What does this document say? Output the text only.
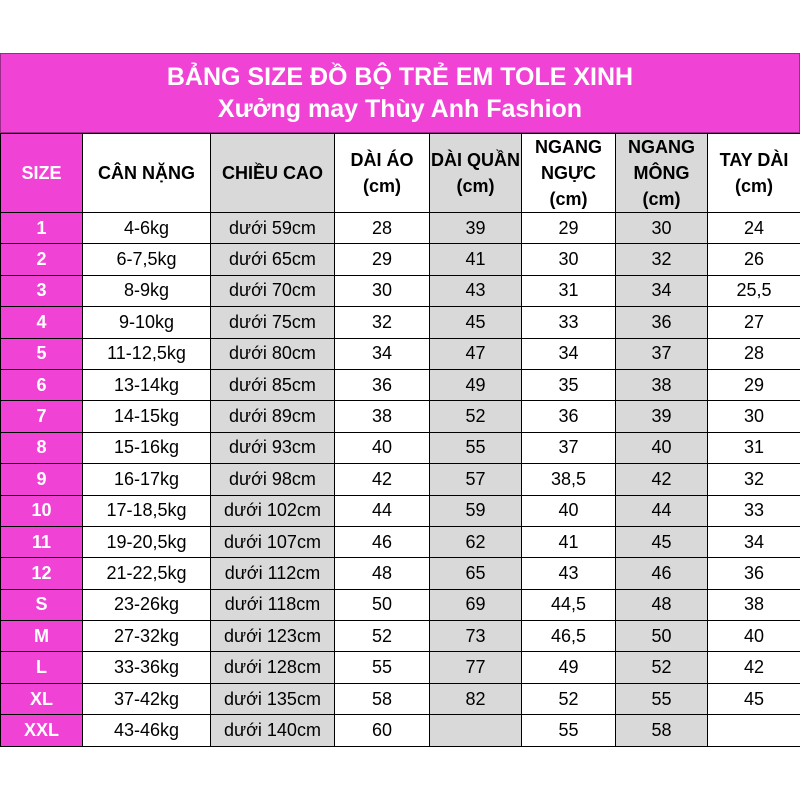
BẢNG SIZE ĐỒ BỘ TRẺ EM TOLE XINH
Xưởng may Thùy Anh Fashion
SIZE	CÂN NẶNG	CHIỀU CAO	DÀI ÁO (cm)	DÀI QUẦN (cm)	NGANG NGỰC (cm)	NGANG MÔNG (cm)	TAY DÀI (cm)
1	4-6kg	dưới 59cm	28	39	29	30	24
2	6-7,5kg	dưới 65cm	29	41	30	32	26
3	8-9kg	dưới 70cm	30	43	31	34	25,5
4	9-10kg	dưới 75cm	32	45	33	36	27
5	11-12,5kg	dưới 80cm	34	47	34	37	28
6	13-14kg	dưới 85cm	36	49	35	38	29
7	14-15kg	dưới 89cm	38	52	36	39	30
8	15-16kg	dưới 93cm	40	55	37	40	31
9	16-17kg	dưới 98cm	42	57	38,5	42	32
10	17-18,5kg	dưới 102cm	44	59	40	44	33
11	19-20,5kg	dưới 107cm	46	62	41	45	34
12	21-22,5kg	dưới 112cm	48	65	43	46	36
S	23-26kg	dưới 118cm	50	69	44,5	48	38
M	27-32kg	dưới 123cm	52	73	46,5	50	40
L	33-36kg	dưới 128cm	55	77	49	52	42
XL	37-42kg	dưới 135cm	58	82	52	55	45
XXL	43-46kg	dưới 140cm	60		55	58	
